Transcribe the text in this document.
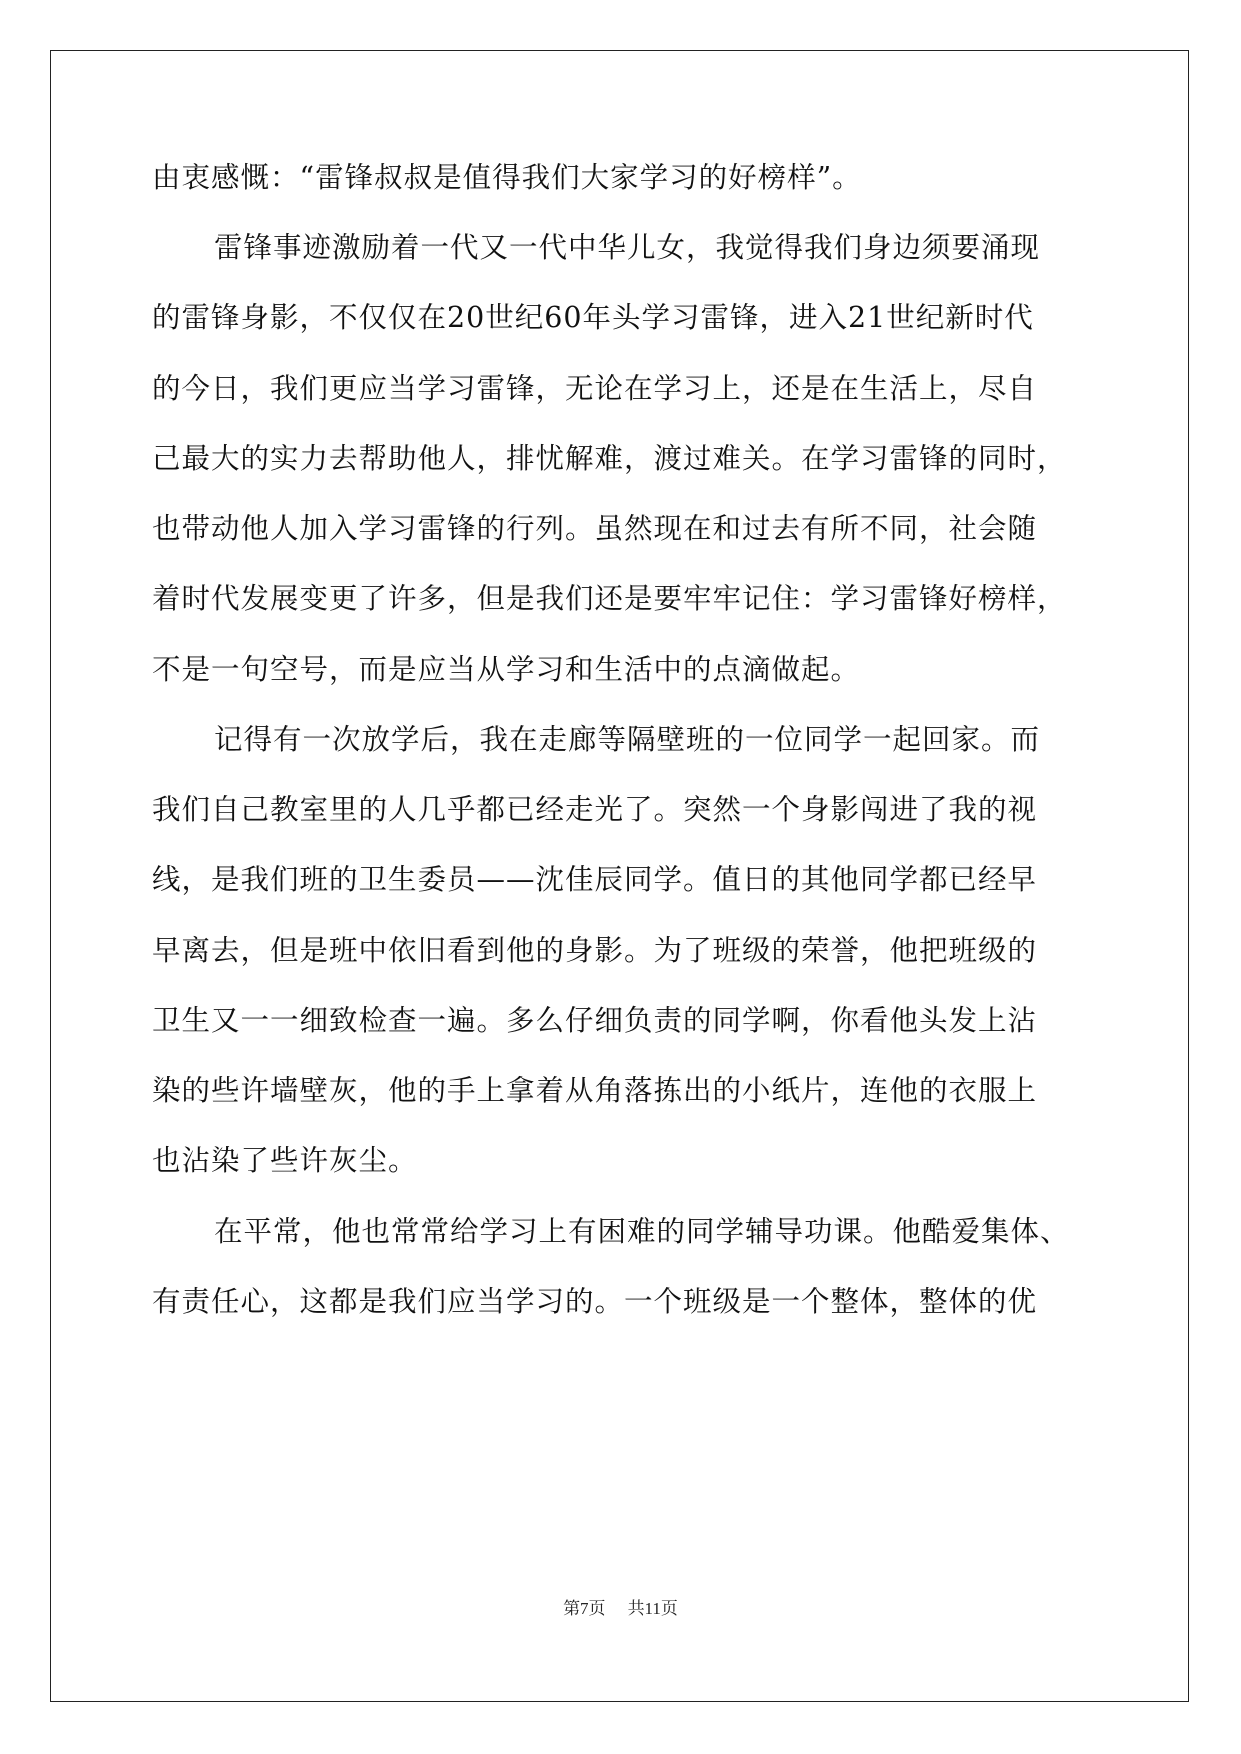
由衷感慨：“雷锋叔叔是值得我们大家学习的好榜样”。
雷锋事迹激励着一代又一代中华儿女，我觉得我们身边须要涌现
的雷锋身影，不仅仅在20世纪60年头学习雷锋，进入21世纪新时代
的今日，我们更应当学习雷锋，无论在学习上，还是在生活上，尽自
己最大的实力去帮助他人，排忧解难，渡过难关。在学习雷锋的同时，
也带动他人加入学习雷锋的行列。虽然现在和过去有所不同，社会随
着时代发展变更了许多，但是我们还是要牢牢记住：学习雷锋好榜样，
不是一句空号，而是应当从学习和生活中的点滴做起。
记得有一次放学后，我在走廊等隔壁班的一位同学一起回家。而
我们自己教室里的人几乎都已经走光了。突然一个身影闯进了我的视
线，是我们班的卫生委员——沈佳辰同学。值日的其他同学都已经早
早离去，但是班中依旧看到他的身影。为了班级的荣誉，他把班级的
卫生又一一细致检查一遍。多么仔细负责的同学啊，你看他头发上沾
染的些许墙壁灰，他的手上拿着从角落拣出的小纸片，连他的衣服上
也沾染了些许灰尘。
在平常，他也常常给学习上有困难的同学辅导功课。他酷爱集体、
有责任心，这都是我们应当学习的。一个班级是一个整体，整体的优
第7页 共11页
